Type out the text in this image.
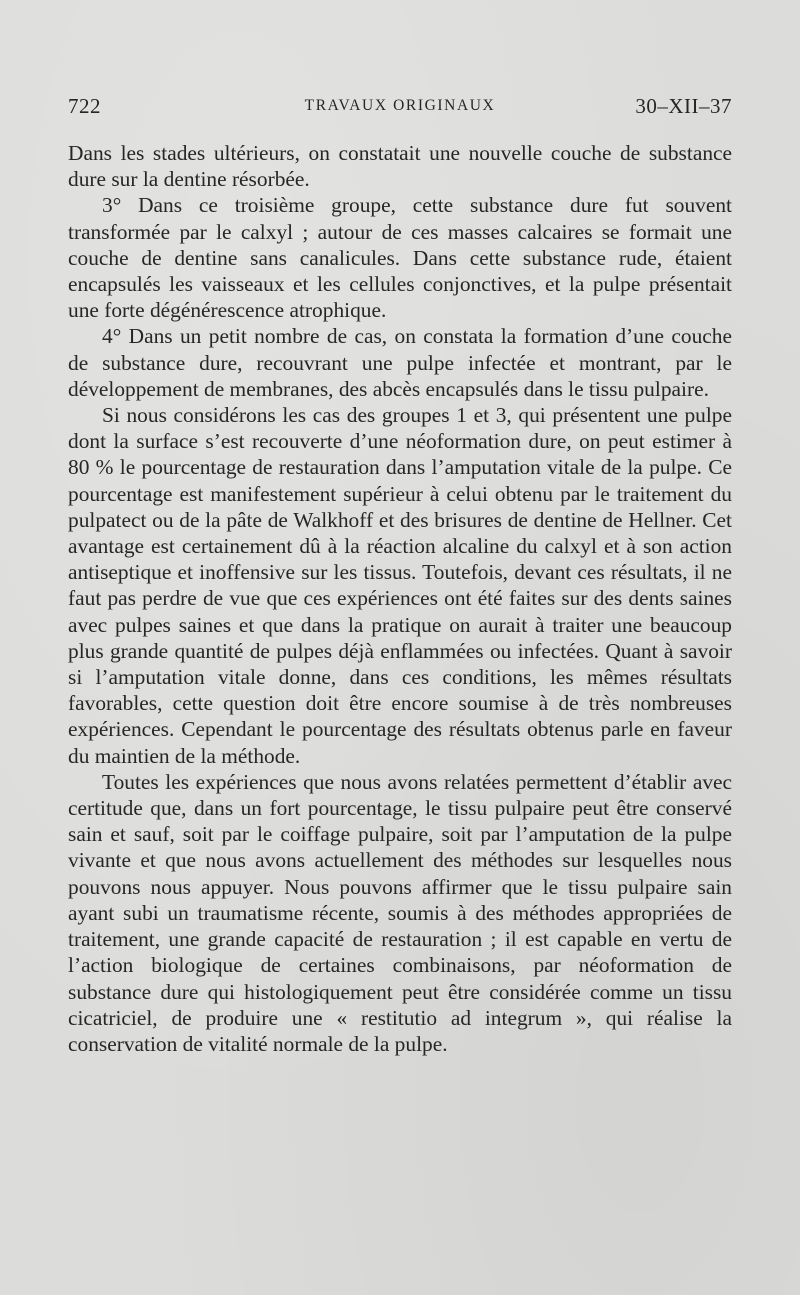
722	TRAVAUX ORIGINAUX	30–XII–37

Dans les stades ultérieurs, on constatait une nouvelle couche de substance dure sur la dentine résorbée.

3° Dans ce troisième groupe, cette substance dure fut souvent transformée par le calxyl ; autour de ces masses calcaires se formait une couche de dentine sans canalicules. Dans cette substance rude, étaient encapsulés les vaisseaux et les cellules conjonctives, et la pulpe présentait une forte dégénérescence atrophique.

4° Dans un petit nombre de cas, on constata la formation d’une couche de substance dure, recouvrant une pulpe infectée et montrant, par le développement de membranes, des abcès encapsulés dans le tissu pulpaire.

Si nous considérons les cas des groupes 1 et 3, qui présentent une pulpe dont la surface s’est recouverte d’une néoformation dure, on peut estimer à 80 % le pourcentage de restauration dans l’amputation vitale de la pulpe. Ce pourcentage est manifestement supérieur à celui obtenu par le traitement du pulpatect ou de la pâte de Walkhoff et des brisures de dentine de Hellner. Cet avantage est certainement dû à la réaction alcaline du calxyl et à son action antiseptique et inoffensive sur les tissus. Toutefois, devant ces résultats, il ne faut pas perdre de vue que ces expériences ont été faites sur des dents saines avec pulpes saines et que dans la pratique on aurait à traiter une beaucoup plus grande quantité de pulpes déjà enflammées ou infectées. Quant à savoir si l’amputation vitale donne, dans ces conditions, les mêmes résultats favorables, cette question doit être encore soumise à de très nombreuses expériences. Cependant le pourcentage des résultats obtenus parle en faveur du maintien de la méthode.

Toutes les expériences que nous avons relatées permettent d’établir avec certitude que, dans un fort pourcentage, le tissu pulpaire peut être conservé sain et sauf, soit par le coiffage pulpaire, soit par l’amputation de la pulpe vivante et que nous avons actuellement des méthodes sur lesquelles nous pouvons nous appuyer. Nous pouvons affirmer que le tissu pulpaire sain ayant subi un traumatisme récente, soumis à des méthodes appropriées de traitement, une grande capacité de restauration ; il est capable en vertu de l’action biologique de certaines combinaisons, par néoformation de substance dure qui histologiquement peut être considérée comme un tissu cicatriciel, de produire une « restitutio ad integrum », qui réalise la conservation de vitalité normale de la pulpe.
